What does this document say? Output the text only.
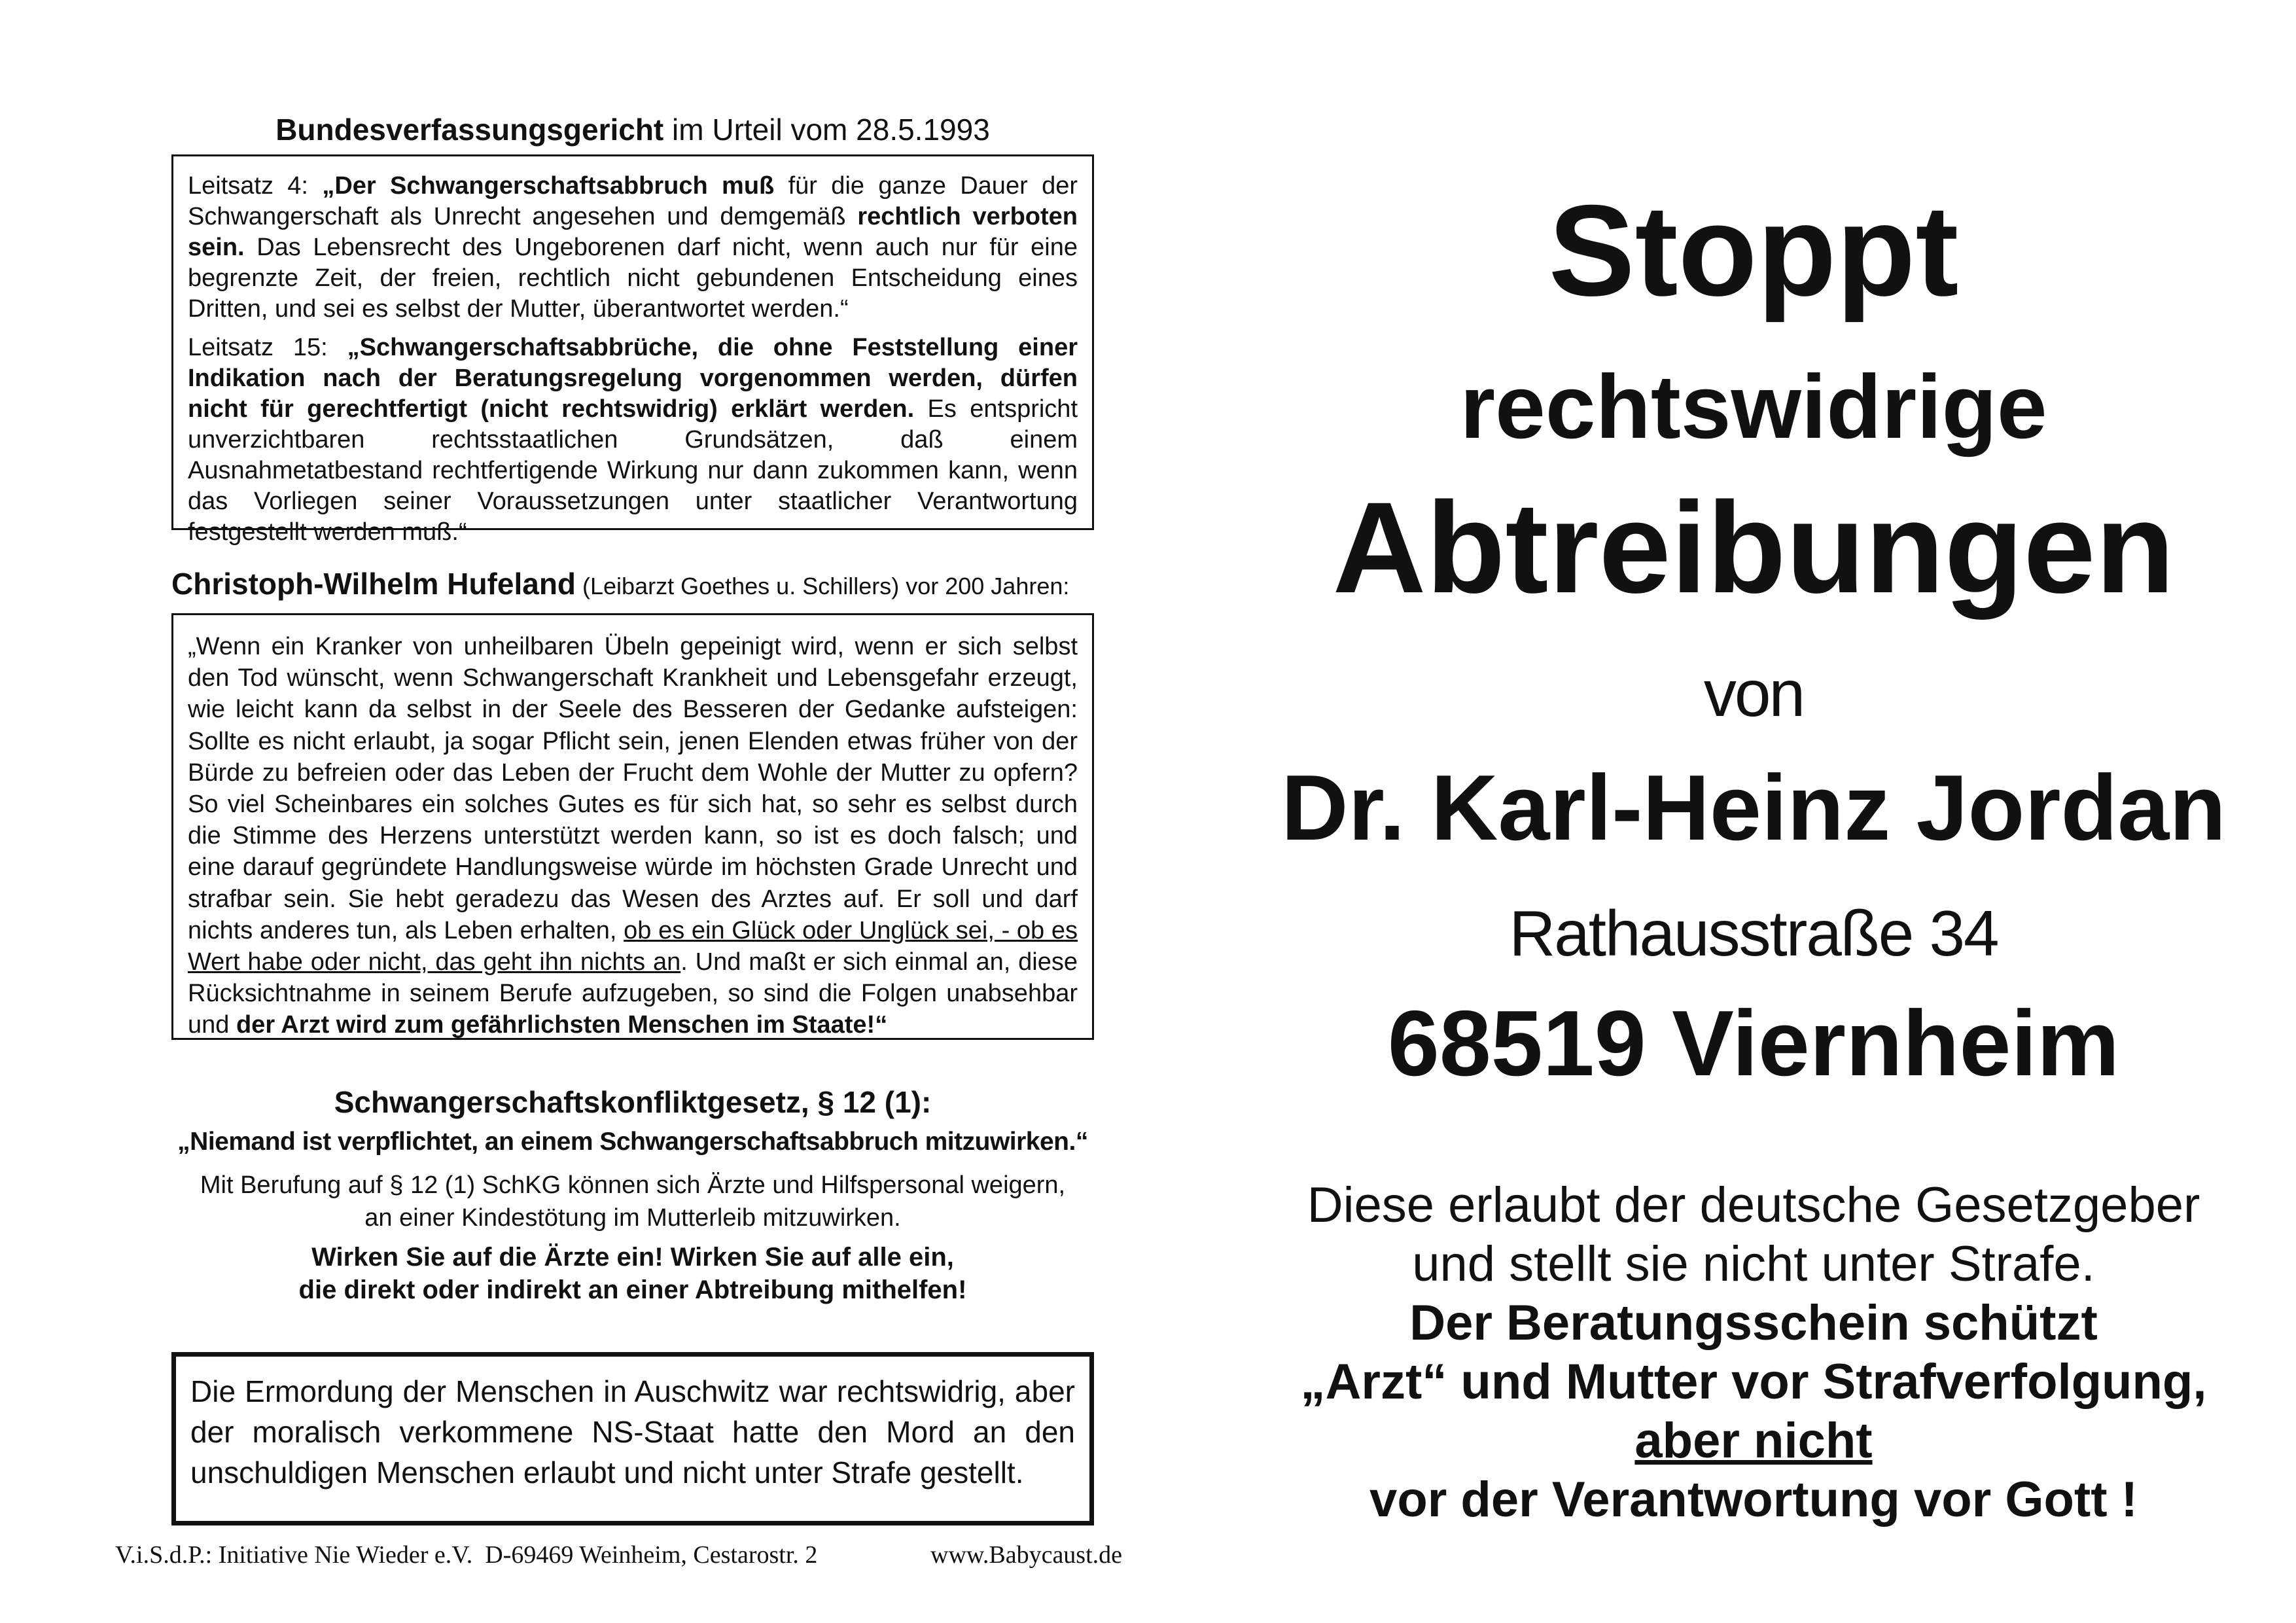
Bundesverfassungsgericht im Urteil vom 28.5.1993

Leitsatz 4: „Der Schwangerschaftsabbruch muß für die ganze Dauer der Schwangerschaft als Unrecht angesehen und demgemäß rechtlich verboten sein. Das Lebensrecht des Ungeborenen darf nicht, wenn auch nur für eine begrenzte Zeit, der freien, rechtlich nicht gebundenen Entscheidung eines Dritten, und sei es selbst der Mutter, überantwortet werden.“

Leitsatz 15: „Schwangerschaftsabbrüche, die ohne Feststellung einer Indikation nach der Beratungsregelung vorgenommen werden, dürfen nicht für gerechtfertigt (nicht rechtswidrig) erklärt werden. Es entspricht unverzichtbaren rechtsstaatlichen Grundsätzen, daß einem Ausnahmetatbestand rechtfertigende Wirkung nur dann zukommen kann, wenn das Vorliegen seiner Voraussetzungen unter staatlicher Verantwortung festgestellt werden muß.“

Christoph-Wilhelm Hufeland (Leibarzt Goethes u. Schillers) vor 200 Jahren:

„Wenn ein Kranker von unheilbaren Übeln gepeinigt wird, wenn er sich selbst den Tod wünscht, wenn Schwangerschaft Krankheit und Lebensgefahr erzeugt, wie leicht kann da selbst in der Seele des Besseren der Gedanke aufsteigen: Sollte es nicht erlaubt, ja sogar Pflicht sein, jenen Elenden etwas früher von der Bürde zu befreien oder das Leben der Frucht dem Wohle der Mutter zu opfern? So viel Scheinbares ein solches Gutes es für sich hat, so sehr es selbst durch die Stimme des Herzens unterstützt werden kann, so ist es doch falsch; und eine darauf gegründete Handlungsweise würde im höchsten Grade Unrecht und strafbar sein. Sie hebt geradezu das Wesen des Arztes auf. Er soll und darf nichts anderes tun, als Leben erhalten, ob es ein Glück oder Unglück sei, - ob es Wert habe oder nicht, das geht ihn nichts an. Und maßt er sich einmal an, diese Rücksichtnahme in seinem Berufe aufzugeben, so sind die Folgen unabsehbar und der Arzt wird zum gefährlichsten Menschen im Staate!“

Schwangerschaftskonfliktgesetz, § 12 (1):
„Niemand ist verpflichtet, an einem Schwangerschaftsabbruch mitzuwirken.“
Mit Berufung auf § 12 (1) SchKG können sich Ärzte und Hilfspersonal weigern,
an einer Kindestötung im Mutterleib mitzuwirken.
Wirken Sie auf die Ärzte ein! Wirken Sie auf alle ein,
die direkt oder indirekt an einer Abtreibung mithelfen!

Die Ermordung der Menschen in Auschwitz war rechtswidrig, aber der moralisch verkommene NS-Staat hatte den Mord an den unschuldigen Menschen erlaubt und nicht unter Strafe gestellt.

V.i.S.d.P.: Initiative Nie Wieder e.V.  D-69469 Weinheim, Cestarostr. 2	www.Babycaust.de
Stoppt
rechtswidrige
Abtreibungen
von
Dr. Karl-Heinz Jordan
Rathausstraße 34
68519 Viernheim
Diese erlaubt der deutsche Gesetzgeber
und stellt sie nicht unter Strafe.
Der Beratungsschein schützt
„Arzt“ und Mutter vor Strafverfolgung,
aber nicht
vor der Verantwortung vor Gott !
